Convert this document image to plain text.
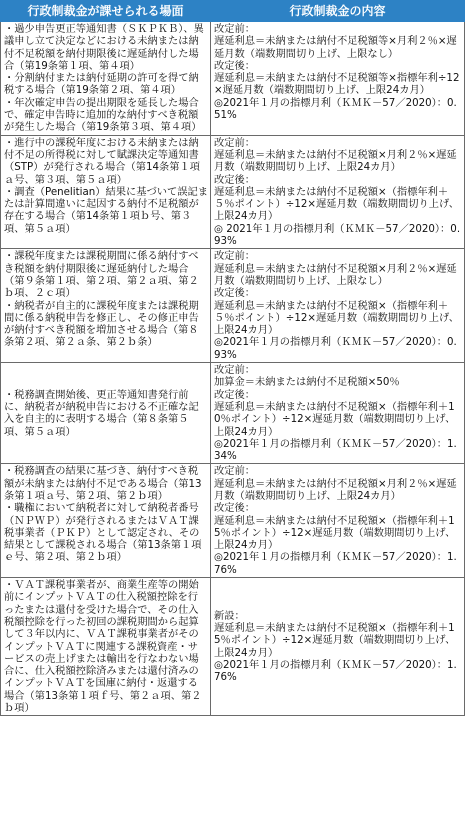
行政制裁金が課せられる場面	行政制裁金の内容

・過少申告更正等通知書（ＳＫＰＫＢ）、異議申し立て決定などにおける未納または納付不足税額を納付期限後に遅延納付した場合（第19条第１項、第４項）
・分割納付または納付延期の許可を得て納税する場合（第19条第２項、第４項）
・年次確定申告の提出期限を延長した場合で、確定申告時に追加的な納付すべき税額が発生した場合（第19条第３項、第４項）	改定前：
遅延利息＝未納または納付不足税額等×月利２％×遅延月数（端数期間切り上げ、上限なし）
改定後：
遅延利息＝未納または納付不足税額等×指標年利÷12×遅延月数（端数期間切り上げ、上限24カ月）
◎2021年１月の指標月利（ＫＭＫ－57／2020）：0.51%

・進行中の課税年度における未納または納付不足の所得税に対して賦課決定等通知書（STP）が発行される場合（第14条第１項ａ号、第３項、第５ａ項）
・調査（Penelitian）結果に基づいて誤記または計算間違いに起因する納付不足税額が存在する場合（第14条第１項ｂ号、第３項、第５ａ項）	改定前：
遅延利息＝未納または納付不足税額×月利２％×遅延月数（端数期間切り上げ、上限24カ月）
改定後：
遅延利息＝未納または納付不足税額×（指標年利＋５％ポイント）÷12×遅延月数（端数期間切り上げ、上限24カ月）
◎ 2021年１月の指標月利（ＫＭＫ－57／2020）：0.93%

・課税年度または課税期間に係る納付すべき税額を納付期限後に遅延納付した場合（第９条第１項、第２項、第２ａ項、第２ｂ項、２ｃ項）
・納税者が自主的に課税年度または課税期間に係る納税申告を修正し、その修正申告が納付すべき税額を増加させる場合（第８条第２項、第２ａ条、第２ｂ条）	改定前：
遅延利息＝未納または納付不足税額×月利２％×遅延月数（端数期間切り上げ、上限なし）
改定後：
遅延利息＝未納または納付不足税額×（指標年利＋５％ポイント）÷12×遅延月数（端数期間切り上げ、上限24カ月）
◎2021年１月の指標月利（ＫＭＫ－57／2020）：0.93%

・税務調査開始後、更正等通知書発行前に、納税者が納税申告における不正確な記入を自主的に表明する場合（第８条第５項、第５ａ項）	改定前：
加算金＝未納または納付不足税額×50％
改定後：
遅延利息＝未納または納付不足税額×（指標年利＋10％ポイント）÷12×遅延月数（端数期間切り上げ、上限24カ月）
◎2021年１月の指標月利（ＫＭＫ－57／2020）：1.34%

・税務調査の結果に基づき、納付すべき税額が未納または納付不足である場合（第13条第１項ａ号、第２項、第２ｂ項）
・職権において納税者に対して納税者番号（ＮＰＷＰ）が発行されるまたはＶＡＴ課税事業者（ＰＫＰ）として認定され、その結果として課税される場合（第13条第１項ｅ号、第２項、第２ｂ項）	改定前：
遅延利息＝未納または納付不足税額×月利２％×遅延月数（端数期間切り上げ、上限24カ月）
改定後：
遅延利息＝未納または納付不足税額×（指標年利＋15％ポイント）÷12×遅延月数（端数期間切り上げ、上限24カ月）
◎2021年１月の指標月利（ＫＭＫ－57／2020）：1.76%

・ＶＡＴ課税事業者が、商業生産等の開始前にインプットＶＡＴの仕入税額控除を行ったまたは還付を受けた場合で、その仕入税額控除を行った初回の課税期間から起算して３年以内に、ＶＡＴ課税事業者がそのインプットＶＡＴに関連する課税資産・サービスの売上げまたは輸出を行なわない場合に、仕入税額控除済みまたは還付済みのインプットＶＡＴを国庫に納付・返還する場合（第13条第１項ｆ号、第２ａ項、第２ｂ項）	新設：
遅延利息＝未納または納付不足税額×（指標年利＋15％ポイント）÷12×遅延月数（端数期間切り上げ、上限24カ月）
◎2021年１月の指標月利（ＫＭＫ－57／2020）：1.76%
